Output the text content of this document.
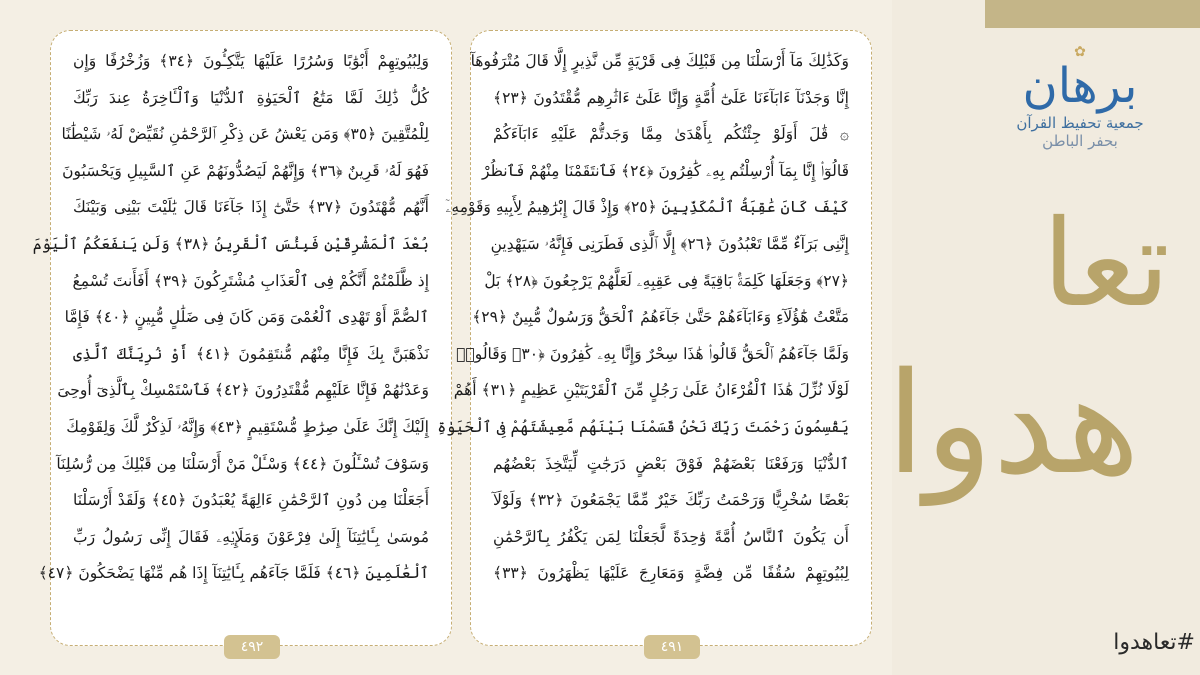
✿
برهان
جمعية تحفيظ القرآن
بحفر الباطن
تعا
هدوا
#تعاهدوا
وَلِبُيُوتِهِمْ أَبْوَٰبًا وَسُرُرًا عَلَيْهَا يَتَّكِـُٔونَ ﴿٣٤﴾ وَزُخْرُفًا وَإِن
كُلُّ ذَٰلِكَ لَمَّا مَتَٰعُ ٱلْحَيَوٰةِ ٱلدُّنْيَا وَٱلْـَٔاخِرَةُ عِندَ رَبِّكَ
لِلْمُتَّقِينَ ﴿٣٥﴾ وَمَن يَعْشُ عَن ذِكْرِ ٱلرَّحْمَٰنِ نُقَيِّضْ لَهُۥ شَيْطَٰنًا
فَهُوَ لَهُۥ قَرِينٌ ﴿٣٦﴾ وَإِنَّهُمْ لَيَصُدُّونَهُمْ عَنِ ٱلسَّبِيلِ وَيَحْسَبُونَ
أَنَّهُم مُّهْتَدُونَ ﴿٣٧﴾ حَتَّىٰٓ إِذَا جَآءَنَا قَالَ يَٰلَيْتَ بَيْنِى وَبَيْنَكَ
بُعْدَ ٱلْمَشْرِقَيْنِ فَبِئْسَ ٱلْقَرِينُ ﴿٣٨﴾ وَلَن يَنفَعَكُمُ ٱلْيَوْمَ
إِذ ظَّلَمْتُمْ أَنَّكُمْ فِى ٱلْعَذَابِ مُشْتَرِكُونَ ﴿٣٩﴾ أَفَأَنتَ تُسْمِعُ
ٱلصُّمَّ أَوْ تَهْدِى ٱلْعُمْىَ وَمَن كَانَ فِى ضَلَٰلٍ مُّبِينٍ ﴿٤٠﴾ فَإِمَّا
نَذْهَبَنَّ بِكَ فَإِنَّا مِنْهُم مُّنتَقِمُونَ ﴿٤١﴾ أَوْ نُرِيَنَّكَ ٱلَّذِى
وَعَدْنَٰهُمْ فَإِنَّا عَلَيْهِم مُّقْتَدِرُونَ ﴿٤٢﴾ فَٱسْتَمْسِكْ بِٱلَّذِىٓ أُوحِىَ
إِلَيْكَ إِنَّكَ عَلَىٰ صِرَٰطٍ مُّسْتَقِيمٍ ﴿٤٣﴾ وَإِنَّهُۥ لَذِكْرٌ لَّكَ وَلِقَوْمِكَ
وَسَوْفَ تُسْـَٔلُونَ ﴿٤٤﴾ وَسْـَٔلْ مَنْ أَرْسَلْنَا مِن قَبْلِكَ مِن رُّسُلِنَآ
أَجَعَلْنَا مِن دُونِ ٱلرَّحْمَٰنِ ءَالِهَةً يُعْبَدُونَ ﴿٤٥﴾ وَلَقَدْ أَرْسَلْنَا
مُوسَىٰ بِـَٔايَٰتِنَآ إِلَىٰ فِرْعَوْنَ وَمَلَإِي۟هِۦ فَقَالَ إِنِّى رَسُولُ رَبِّ
ٱلْعَٰلَمِينَ ﴿٤٦﴾ فَلَمَّا جَآءَهُم بِـَٔايَٰتِنَآ إِذَا هُم مِّنْهَا يَضْحَكُونَ ﴿٤٧﴾
٤٩٢
وَكَذَٰلِكَ مَآ أَرْسَلْنَا مِن قَبْلِكَ فِى قَرْيَةٍ مِّن نَّذِيرٍ إِلَّا قَالَ مُتْرَفُوهَآ
إِنَّا وَجَدْنَآ ءَابَآءَنَا عَلَىٰٓ أُمَّةٍ وَإِنَّا عَلَىٰٓ ءَاثَٰرِهِم مُّقْتَدُونَ ﴿٢٣﴾
۞ قَٰلَ أَوَلَوْ جِئْتُكُم بِأَهْدَىٰ مِمَّا وَجَدتُّمْ عَلَيْهِ ءَابَآءَكُمْ
قَالُوٓا۟ إِنَّا بِمَآ أُرْسِلْتُم بِهِۦ كَٰفِرُونَ ﴿٢٤﴾ فَٱنتَقَمْنَا مِنْهُمْ فَٱنظُرْ
كَيْفَ كَانَ عَٰقِبَةُ ٱلْمُكَذِّبِينَ ﴿٢٥﴾ وَإِذْ قَالَ إِبْرَٰهِيمُ لِأَبِيهِ وَقَوْمِهِۦٓ
إِنَّنِى بَرَآءٌ مِّمَّا تَعْبُدُونَ ﴿٢٦﴾ إِلَّا ٱلَّذِى فَطَرَنِى فَإِنَّهُۥ سَيَهْدِينِ
﴿٢٧﴾ وَجَعَلَهَا كَلِمَةًۢ بَاقِيَةً فِى عَقِبِهِۦ لَعَلَّهُمْ يَرْجِعُونَ ﴿٢٨﴾ بَلْ
مَتَّعْتُ هَٰٓؤُلَآءِ وَءَابَآءَهُمْ حَتَّىٰ جَآءَهُمُ ٱلْحَقُّ وَرَسُولٌ مُّبِينٌ ﴿٢٩﴾
وَلَمَّا جَآءَهُمُ ٱلْحَقُّ قَالُوا۟ هَٰذَا سِحْرٌ وَإِنَّا بِهِۦ كَٰفِرُونَ ﴿٣٠﴾ وَقَالُوا۟
لَوْلَا نُزِّلَ هَٰذَا ٱلْقُرْءَانُ عَلَىٰ رَجُلٍ مِّنَ ٱلْقَرْيَتَيْنِ عَظِيمٍ ﴿٣١﴾ أَهُمْ
يَقْسِمُونَ رَحْمَتَ رَبِّكَ نَحْنُ قَسَمْنَا بَيْنَهُم مَّعِيشَتَهُمْ فِى ٱلْحَيَوٰةِ
ٱلدُّنْيَا وَرَفَعْنَا بَعْضَهُمْ فَوْقَ بَعْضٍ دَرَجَٰتٍ لِّيَتَّخِذَ بَعْضُهُم
بَعْضًا سُخْرِيًّا وَرَحْمَتُ رَبِّكَ خَيْرٌ مِّمَّا يَجْمَعُونَ ﴿٣٢﴾ وَلَوْلَآ
أَن يَكُونَ ٱلنَّاسُ أُمَّةً وَٰحِدَةً لَّجَعَلْنَا لِمَن يَكْفُرُ بِٱلرَّحْمَٰنِ
لِبُيُوتِهِمْ سُقُفًا مِّن فِضَّةٍ وَمَعَارِجَ عَلَيْهَا يَظْهَرُونَ ﴿٣٣﴾
٤٩١
